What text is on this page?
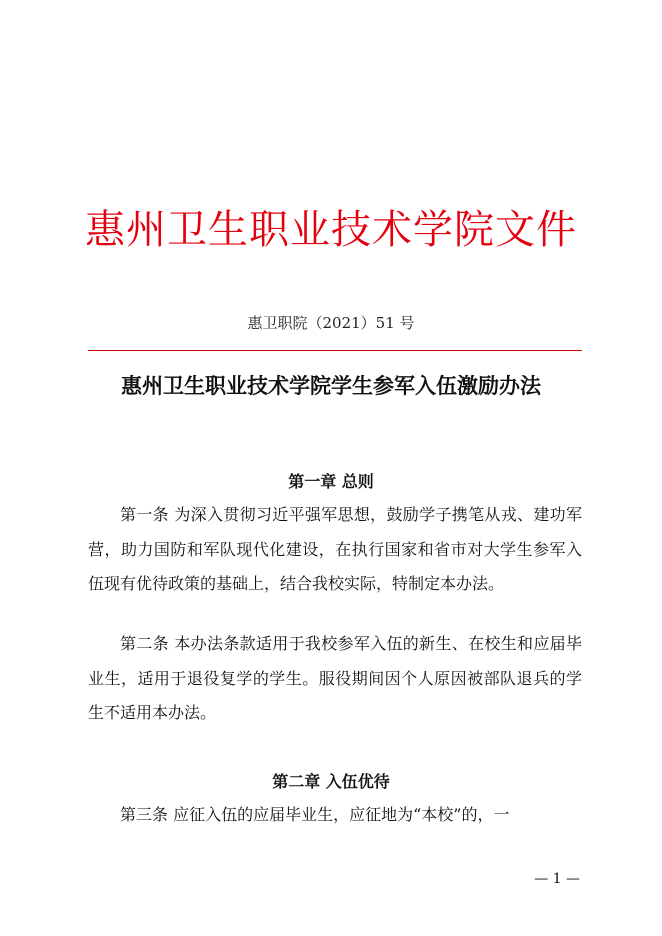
惠州卫生职业技术学院文件
惠卫职院（2021）51 号
惠州卫生职业技术学院学生参军入伍激励办法
第一章 总则

第一条 为深入贯彻习近平强军思想，鼓励学子携笔从戎、建功军营，助力国防和军队现代化建设，在执行国家和省市对大学生参军入伍现有优待政策的基础上，结合我校实际，特制定本办法。

第二条 本办法条款适用于我校参军入伍的新生、在校生和应届毕业生，适用于退役复学的学生。服役期间因个人原因被部队退兵的学生不适用本办法。

第二章 入伍优待

第三条 应征入伍的应届毕业生，应征地为“本校”的，一

— 1 —
